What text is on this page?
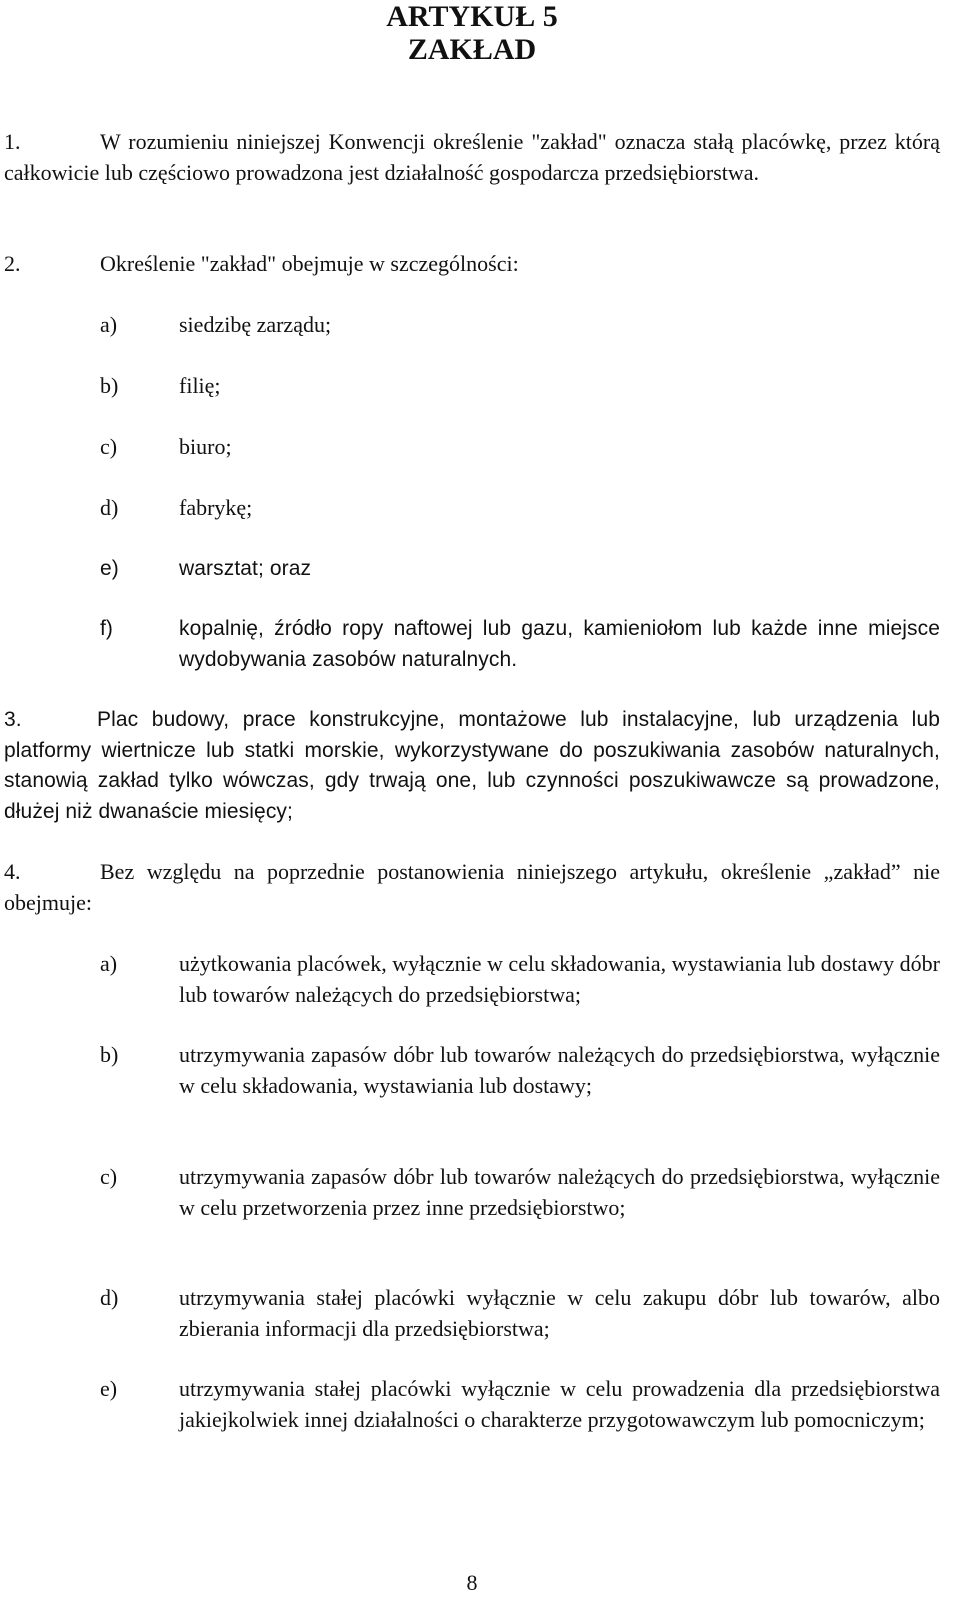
ARTYKUŁ 5
ZAKŁAD

1.	W rozumieniu niniejszej Konwencji określenie "zakład" oznacza stałą placówkę, przez którą całkowicie lub częściowo prowadzona jest działalność gospodarcza przedsiębiorstwa.

2.	Określenie "zakład" obejmuje w szczególności:

a)	siedzibę zarządu;
b)	filię;
c)	biuro;
d)	fabrykę;
e)	warsztat; oraz
f)	kopalnię, źródło ropy naftowej lub gazu, kamieniołom lub każde inne miejsce wydobywania zasobów naturalnych.

3.	Plac budowy, prace konstrukcyjne, montażowe lub instalacyjne, lub urządzenia lub platformy wiertnicze lub statki morskie, wykorzystywane do poszukiwania zasobów naturalnych, stanowią zakład tylko wówczas, gdy trwają one, lub czynności poszukiwawcze są prowadzone, dłużej niż dwanaście miesięcy;

4.	Bez względu na poprzednie postanowienia niniejszego artykułu, określenie „zakład” nie obejmuje:

a)	użytkowania placówek, wyłącznie w celu składowania, wystawiania lub dostawy dóbr lub towarów należących do przedsiębiorstwa;
b)	utrzymywania zapasów dóbr lub towarów należących do przedsiębiorstwa, wyłącznie w celu składowania, wystawiania lub dostawy;
c)	utrzymywania zapasów dóbr lub towarów należących do przedsiębiorstwa, wyłącznie w celu przetworzenia przez inne przedsiębiorstwo;
d)	utrzymywania stałej placówki wyłącznie w celu zakupu dóbr lub towarów, albo zbierania informacji dla przedsiębiorstwa;
e)	utrzymywania stałej placówki wyłącznie w celu prowadzenia dla przedsiębiorstwa jakiejkolwiek innej działalności o charakterze przygotowawczym lub pomocniczym;
8
